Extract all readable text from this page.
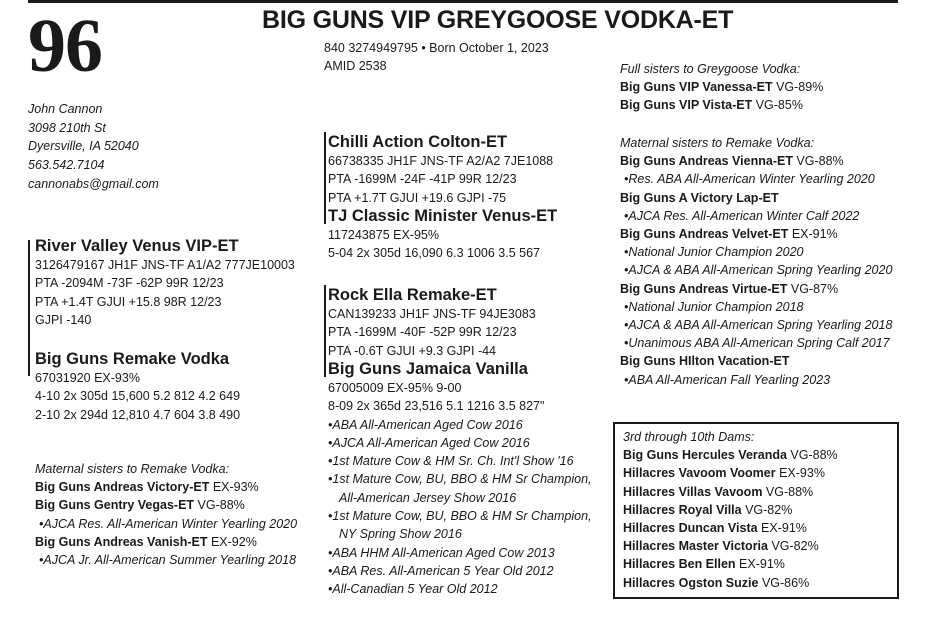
96	BIG GUNS VIP GREYGOOSE VODKA-ET
840 3274949795 • Born October 1, 2023
AMID 2538
John Cannon
3098 210th St
Dyersville, IA 52040
563.542.7104
cannonabs@gmail.com
River Valley Venus VIP-ET
3126479167 JH1F JNS-TF A1/A2 777JE10003
PTA -2094M -73F -62P 99R 12/23
PTA +1.4T GJUI +15.8 98R 12/23
GJPI -140
Big Guns Remake Vodka
67031920 EX-93%
4-10 2x 305d 15,600 5.2 812 4.2 649
2-10 2x 294d 12,810 4.7 604 3.8 490
Maternal sisters to Remake Vodka:
Big Guns Andreas Victory-ET EX-93%
Big Guns Gentry Vegas-ET VG-88%
•AJCA Res. All-American Winter Yearling 2020
Big Guns Andreas Vanish-ET EX-92%
•AJCA Jr. All-American Summer Yearling 2018
Chilli Action Colton-ET
66738335 JH1F JNS-TF A2/A2 7JE1088
PTA -1699M -24F -41P 99R 12/23
PTA +1.7T GJUI +19.6 GJPI -75
TJ Classic Minister Venus-ET
117243875 EX-95%
5-04 2x 305d 16,090 6.3 1006 3.5 567
Rock Ella Remake-ET
CAN139233 JH1F JNS-TF 94JE3083
PTA -1699M -40F -52P 99R 12/23
PTA -0.6T GJUI +9.3 GJPI -44
Big Guns Jamaica Vanilla
67005009 EX-95% 9-00
8-09 2x 365d 23,516 5.1 1216 3.5 827"
•ABA All-American Aged Cow 2016
•AJCA All-American Aged Cow 2016
•1st Mature Cow & HM Sr. Ch. Int'l Show '16
•1st Mature Cow, BU, BBO & HM Sr Champion,
All-American Jersey Show 2016
•1st Mature Cow, BU, BBO & HM Sr Champion,
NY Spring Show 2016
•ABA HHM All-American Aged Cow 2013
•ABA Res. All-American 5 Year Old 2012
•All-Canadian 5 Year Old 2012
Full sisters to Greygoose Vodka:
Big Guns VIP Vanessa-ET VG-89%
Big Guns VIP Vista-ET VG-85%
Maternal sisters to Remake Vodka:
Big Guns Andreas Vienna-ET VG-88%
•Res. ABA All-American Winter Yearling 2020
Big Guns A Victory Lap-ET
•AJCA Res. All-American Winter Calf 2022
Big Guns Andreas Velvet-ET EX-91%
•National Junior Champion 2020
•AJCA & ABA All-American Spring Yearling 2020
Big Guns Andreas Virtue-ET VG-87%
•National Junior Champion 2018
•AJCA & ABA All-American Spring Yearling 2018
•Unanimous ABA All-American Spring Calf 2017
Big Guns HIlton Vacation-ET
•ABA All-American Fall Yearling 2023
3rd through 10th Dams:
Big Guns Hercules Veranda VG-88%
Hillacres Vavoom Voomer EX-93%
Hillacres Villas Vavoom VG-88%
Hillacres Royal Villa VG-82%
Hillacres Duncan Vista EX-91%
Hillacres Master Victoria VG-82%
Hillacres Ben Ellen EX-91%
Hillacres Ogston Suzie VG-86%
